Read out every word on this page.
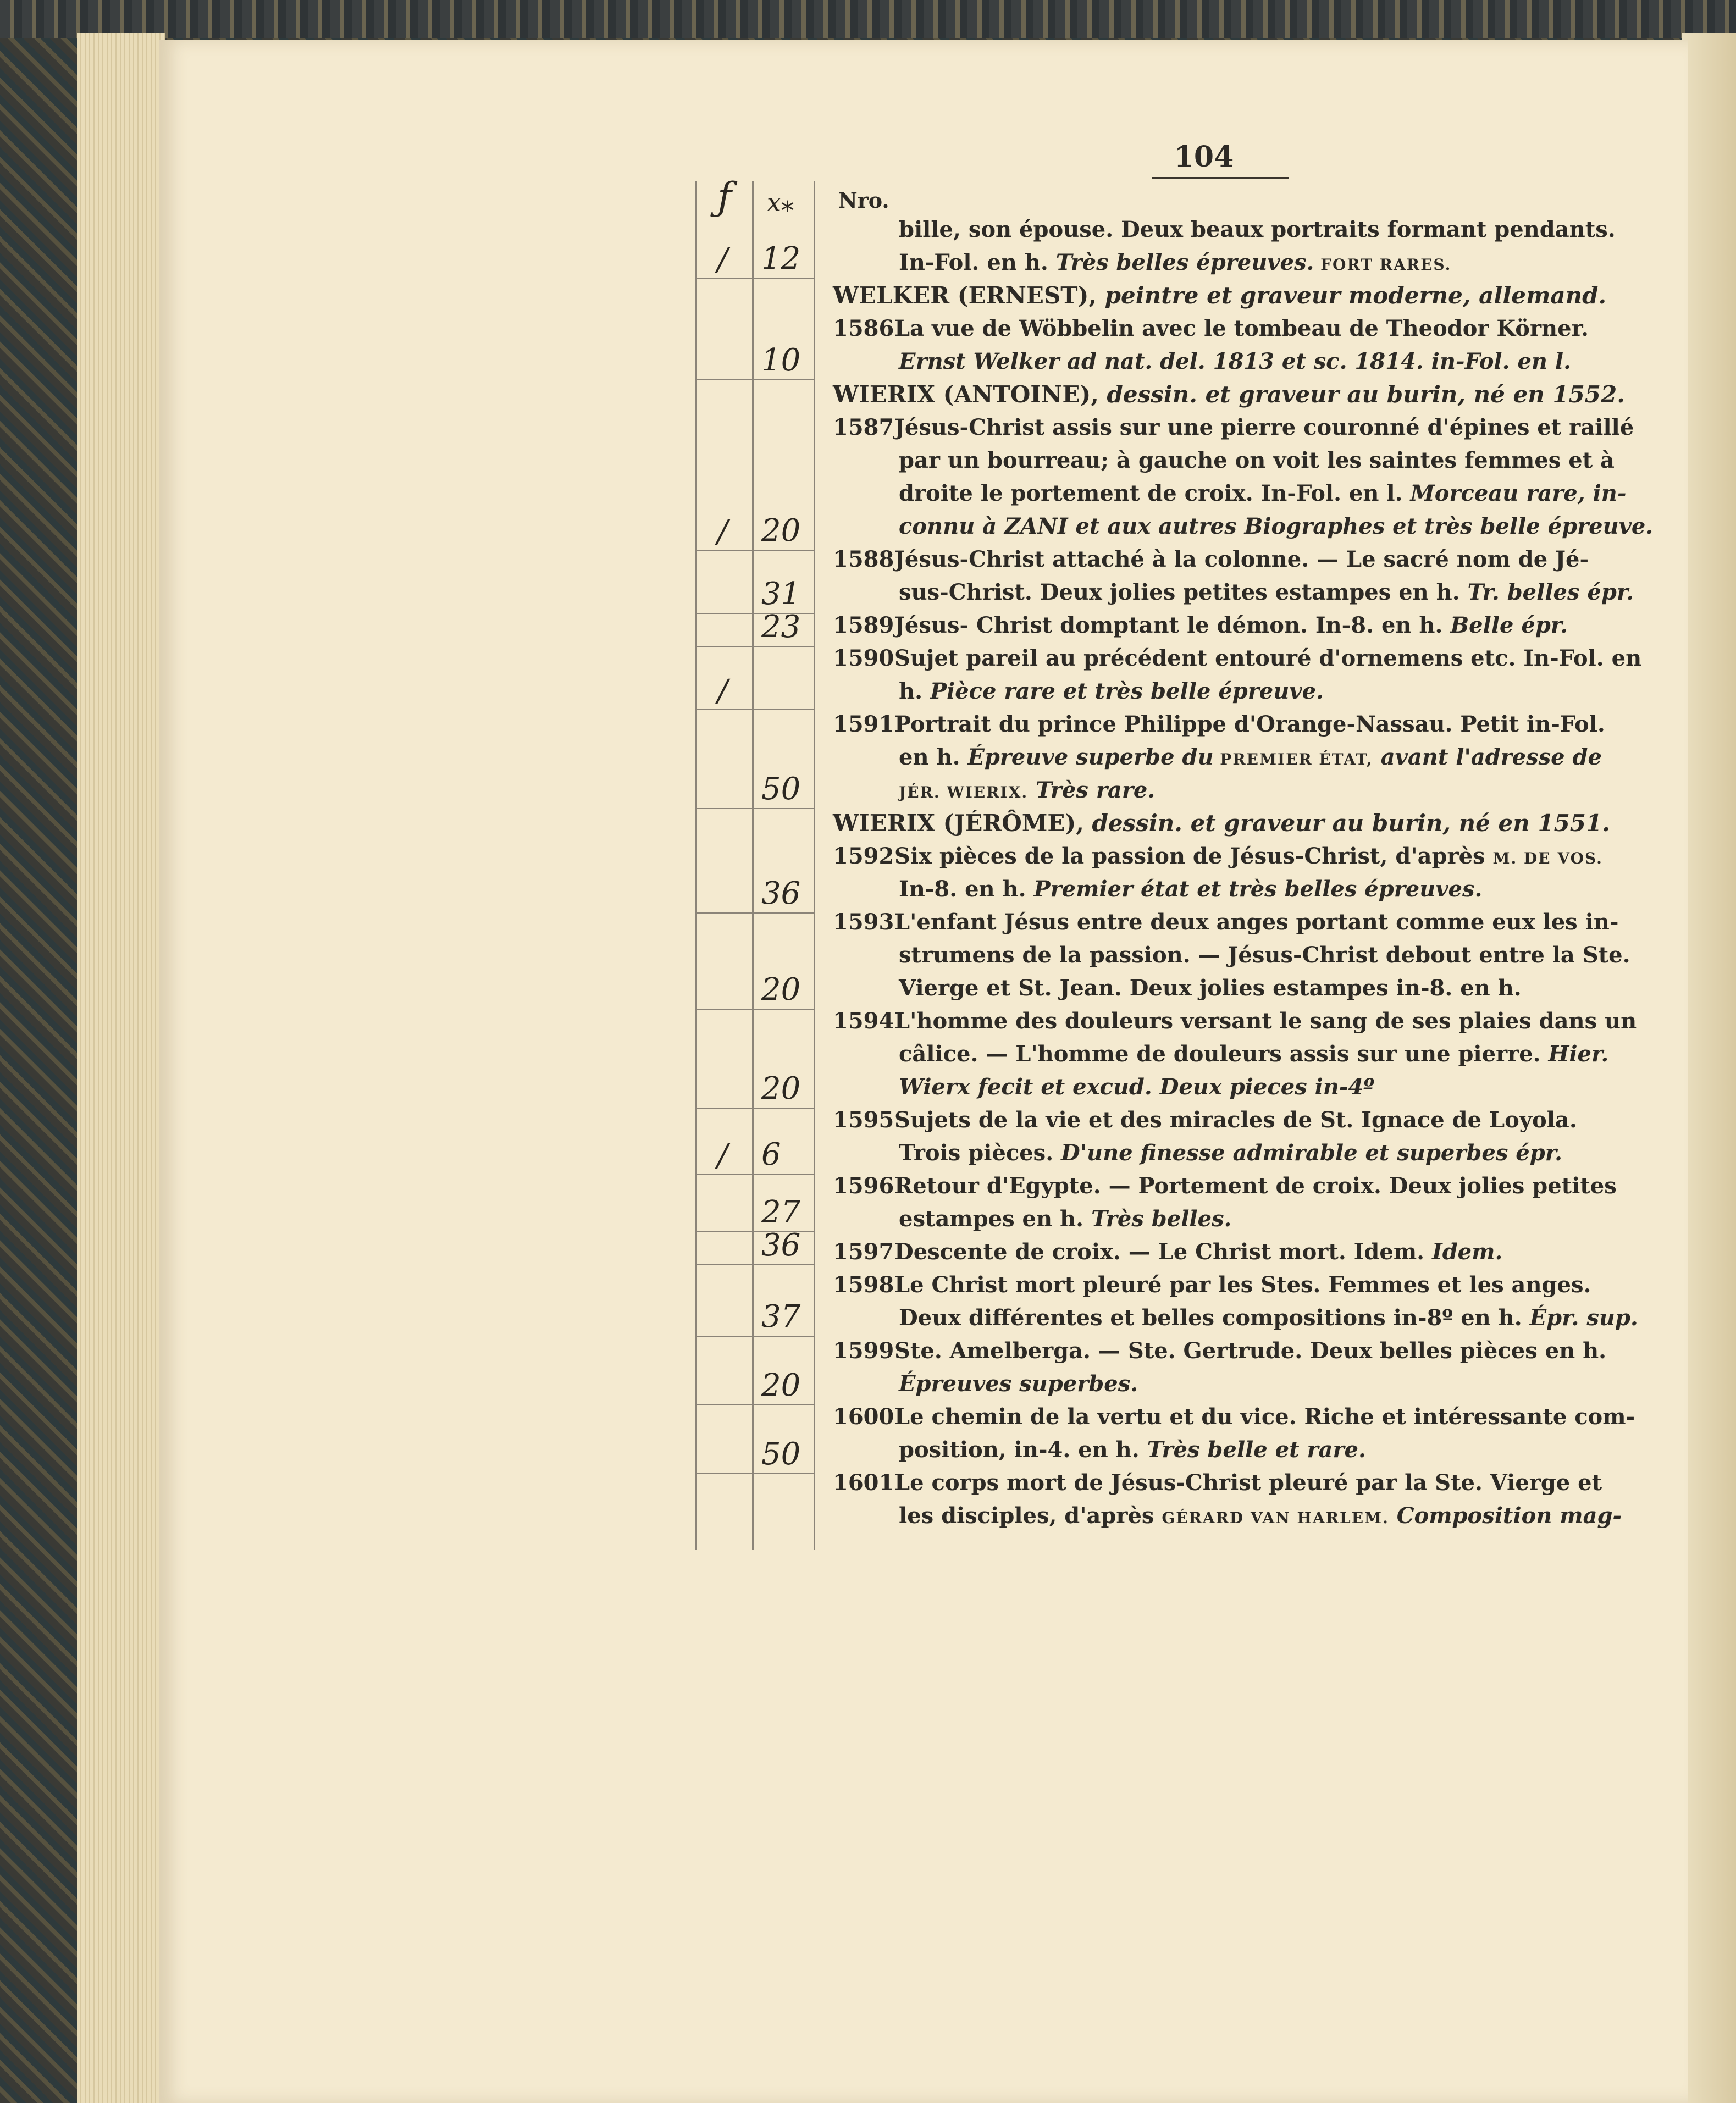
104
ƒ x⁎ Nro.
/ 12
10
/ 20
31
23
/
50
36
20
20
/ 6
27
36
37
20
50
bille, son épouse. Deux beaux portraits formant pendants.
In-Fol. en h. Très belles épreuves. FORT RARES.
WELKER (ERNEST), peintre et graveur moderne, allemand.
1586La vue de Wöbbelin avec le tombeau de Theodor Körner.
Ernst Welker ad nat. del. 1813 et sc. 1814. in-Fol. en l.
WIERIX (ANTOINE), dessin. et graveur au burin, né en 1552.
1587Jésus-Christ assis sur une pierre couronné d'épines et raillé
par un bourreau; à gauche on voit les saintes femmes et à
droite le portement de croix. In-Fol. en l. Morceau rare, in-
connu à ZANI et aux autres Biographes et très belle épreuve.
1588Jésus-Christ attaché à la colonne. — Le sacré nom de Jé-
sus-Christ. Deux jolies petites estampes en h. Tr. belles épr.
1589Jésus- Christ domptant le démon. In-8. en h. Belle épr.
1590Sujet pareil au précédent entouré d'ornemens etc. In-Fol. en
h. Pièce rare et très belle épreuve.
1591Portrait du prince Philippe d'Orange-Nassau. Petit in-Fol.
en h. Épreuve superbe du PREMIER ÉTAT, avant l'adresse de
JÉR. WIERIX. Très rare.
WIERIX (JÉRÔME), dessin. et graveur au burin, né en 1551.
1592Six pièces de la passion de Jésus-Christ, d'après M. DE VOS.
In-8. en h. Premier état et très belles épreuves.
1593L'enfant Jésus entre deux anges portant comme eux les in-
strumens de la passion. — Jésus-Christ debout entre la Ste.
Vierge et St. Jean. Deux jolies estampes in-8. en h.
1594L'homme des douleurs versant le sang de ses plaies dans un
câlice. — L'homme de douleurs assis sur une pierre. Hier.
Wierx fecit et excud. Deux pieces in-4º
1595Sujets de la vie et des miracles de St. Ignace de Loyola.
Trois pièces. D'une finesse admirable et superbes épr.
1596Retour d'Egypte. — Portement de croix. Deux jolies petites
estampes en h. Très belles.
1597Descente de croix. — Le Christ mort. Idem. Idem.
1598Le Christ mort pleuré par les Stes. Femmes et les anges.
Deux différentes et belles compositions in-8º en h. Épr. sup.
1599Ste. Amelberga. — Ste. Gertrude. Deux belles pièces en h.
Épreuves superbes.
1600Le chemin de la vertu et du vice. Riche et intéressante com-
position, in-4. en h. Très belle et rare.
1601Le corps mort de Jésus-Christ pleuré par la Ste. Vierge et
les disciples, d'après GÉRARD VAN HARLEM. Composition mag-
